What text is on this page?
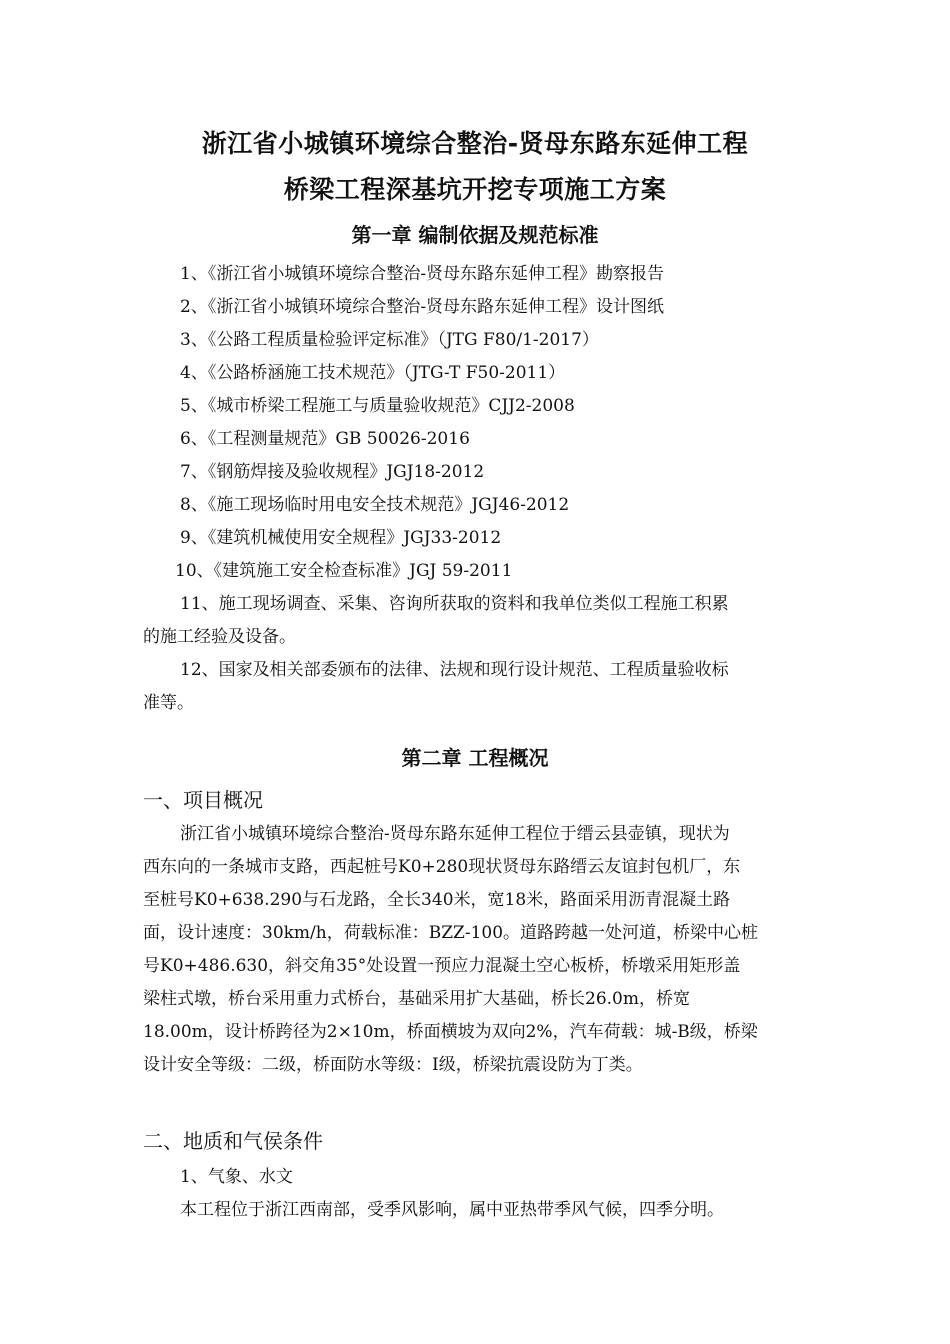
浙江省小城镇环境综合整治-贤母东路东延伸工程
桥梁工程深基坑开挖专项施工方案
第一章 编制依据及规范标准
1、《浙江省小城镇环境综合整治-贤母东路东延伸工程》勘察报告
2、《浙江省小城镇环境综合整治-贤母东路东延伸工程》设计图纸
3、《公路工程质量检验评定标准》（JTG F80/1-2017）
4、《公路桥涵施工技术规范》（JTG-T F50-2011）
5、《城市桥梁工程施工与质量验收规范》CJJ2-2008
6、《工程测量规范》GB 50026-2016
7、《钢筋焊接及验收规程》JGJ18-2012
8、《施工现场临时用电安全技术规范》JGJ46-2012
9、《建筑机械使用安全规程》JGJ33-2012
10、《建筑施工安全检查标准》JGJ 59-2011
11、施工现场调查、采集、咨询所获取的资料和我单位类似工程施工积累
的施工经验及设备。
12、国家及相关部委颁布的法律、法规和现行设计规范、工程质量验收标
准等。
第二章 工程概况
一、项目概况
浙江省小城镇环境综合整治-贤母东路东延伸工程位于缙云县壶镇，现状为
西东向的一条城市支路，西起桩号K0+280现状贤母东路缙云友谊封包机厂，东
至桩号K0+638.290与石龙路，全长340米，宽18米，路面采用沥青混凝土路
面，设计速度：30km/h，荷载标准：BZZ-100。道路跨越一处河道，桥梁中心桩
号K0+486.630，斜交角35°处设置一预应力混凝土空心板桥，桥墩采用矩形盖
梁柱式墩，桥台采用重力式桥台，基础采用扩大基础，桥长26.0m，桥宽
18.00m，设计桥跨径为2×10m，桥面横坡为双向2%，汽车荷载：城-B级，桥梁
设计安全等级：二级，桥面防水等级：Ⅰ级，桥梁抗震设防为丁类。
二、地质和气侯条件
1、气象、水文
本工程位于浙江西南部，受季风影响，属中亚热带季风气候，四季分明。
